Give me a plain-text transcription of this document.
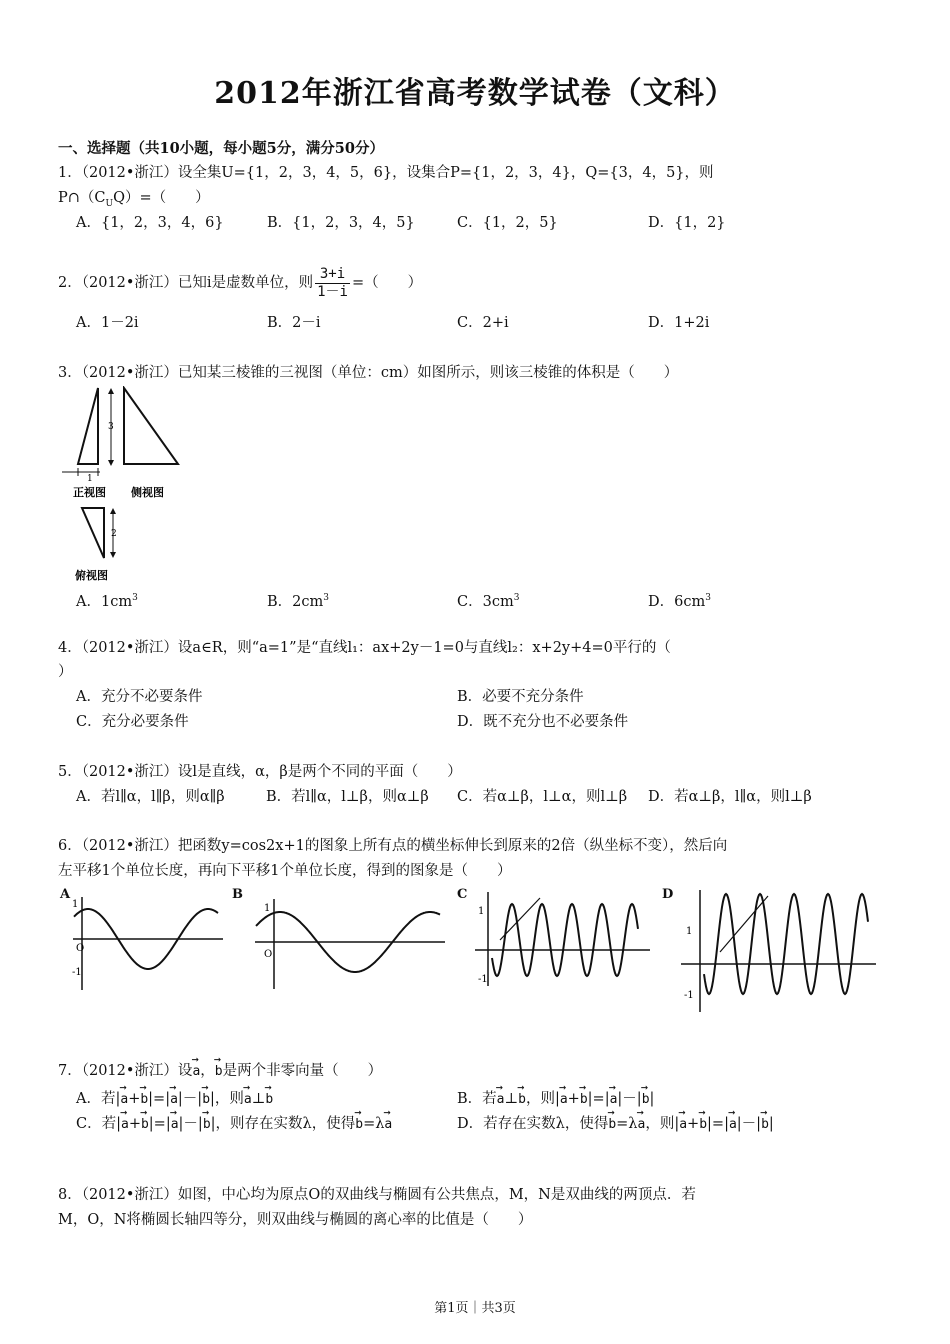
2012年浙江省高考数学试卷（文科）
一、选择题（共10小题，每小题5分，满分50分）
1．（2012•浙江）设全集U={1，2，3，4，5，6}，设集合P={1，2，3，4}，Q={3，4，5}，则
$P\cap(C_UQ)=$（　　）
A．{1，2，3，4，6}	B．{1，2，3，4，5}	C．{1，2，5}	D．{1，2}
2．（2012•浙江）已知i是虚数单位，则 $\frac{3+i}{1-i}$ =（　　）
A．1－2i	B．2－i	C．2+i	D．1+2i
3．（2012•浙江）已知某三棱锥的三视图（单位：cm）如图所示，则该三棱锥的体积是（　　）
3
1
正视图 侧视图
2
俯视图
A．$1cm^3$	B．$2cm^3$	C．$3cm^3$	D．$6cm^3$
4．（2012•浙江）设a∈R，则“a=1”是“直线l₁：ax+2y－1=0与直线l₂：x+2y+4=0平行的（
）
A．充分不必要条件	B．必要不充分条件
C．充分必要条件	D．既不充分也不必要条件
5．（2012•浙江）设l是直线，α，β是两个不同的平面（　　）
A．若l∥α，l∥β，则α∥β	B．若l∥α，l⊥β，则α⊥β C．若α⊥β，l⊥α，则l⊥β D．若α⊥β，l∥α，则l⊥β
6．（2012•浙江）把函数y=cos2x+1的图象上所有点的横坐标伸长到原来的2倍（纵坐标不变），然后向
左平移1个单位长度，再向下平移1个单位长度，得到的图象是（　　）
A	B	C	D
1
-1
O
1
O
1
-1
1
-1
7．（2012•浙江）设→ a，→ b是两个非零向量（　　）
A．若|→ a+→ b|=|→ a|－|→ b|，则→ a⊥→ b	B．若→ a⊥→ b，则|→ a+→ b|=|→ a|－|→ b|
C．若|→ a+→ b|=|→ a|－|→ b|，则存在实数λ，使得→ b=λ→ a	D．若存在实数λ，使得→ b=λ→ a，则|→ a+→ b|=|→ a|－|→ b|
8．（2012•浙江）如图，中心均为原点O的双曲线与椭圆有公共焦点，M，N是双曲线的两顶点．若
M，O，N将椭圆长轴四等分，则双曲线与椭圆的离心率的比值是（　　）
第1页｜共3页
